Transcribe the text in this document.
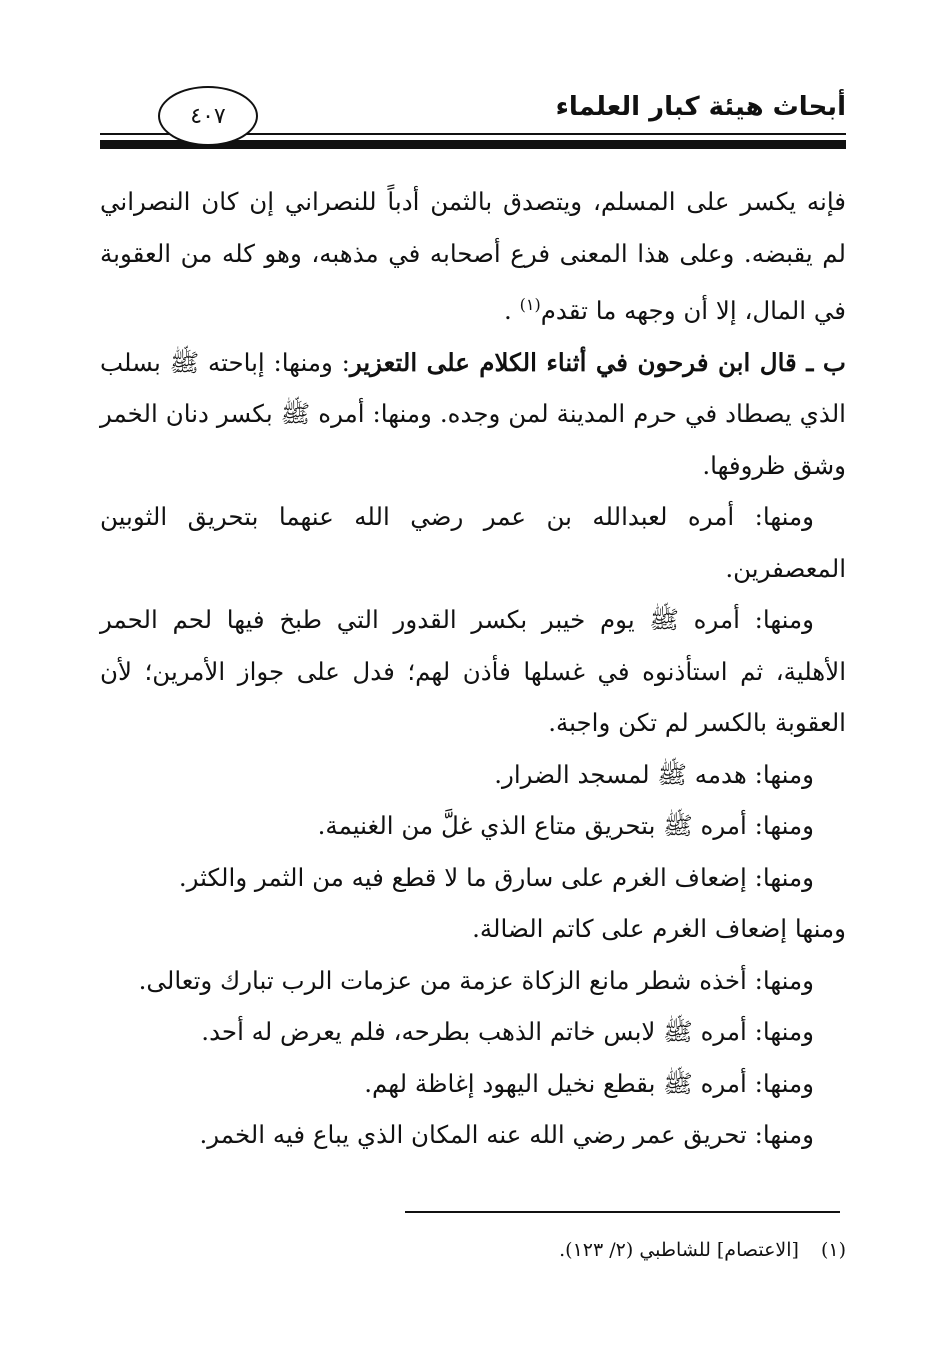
أبحاث هيئة كبار العلماء
٤٠٧

فإنه يكسر على المسلم، ويتصدق بالثمن أدباً للنصراني إن كان النصراني لم يقبضه. وعلى هذا المعنى فرع أصحابه في مذهبه، وهو كله من العقوبة في المال، إلا أن وجهه ما تقدم$^{(١)}$ .

ب ـ قال ابن فرحون في أثناء الكلام على التعزير: ومنها: إباحته ﷺ بسلب الذي يصطاد في حرم المدينة لمن وجده. ومنها: أمره ﷺ بكسر دنان الخمر وشق ظروفها.

ومنها: أمره لعبدالله بن عمر رضي الله عنهما بتحريق الثوبين المعصفرين.

ومنها: أمره ﷺ يوم خيبر بكسر القدور التي طبخ فيها لحم الحمر الأهلية، ثم استأذنوه في غسلها فأذن لهم؛ فدل على جواز الأمرين؛ لأن العقوبة بالكسر لم تكن واجبة.

ومنها: هدمه ﷺ لمسجد الضرار.

ومنها: أمره ﷺ بتحريق متاع الذي غلَّ من الغنيمة.

ومنها: إضعاف الغرم على سارق ما لا قطع فيه من الثمر والكثر.

ومنها إضعاف الغرم على كاتم الضالة.

ومنها: أخذه شطر مانع الزكاة عزمة من عزمات الرب تبارك وتعالى.

ومنها: أمره ﷺ لابس خاتم الذهب بطرحه، فلم يعرض له أحد.

ومنها: أمره ﷺ بقطع نخيل اليهود إغاظة لهم.

ومنها: تحريق عمر رضي الله عنه المكان الذي يباع فيه الخمر.

(١)[الاعتصام] للشاطبي (٢/ ١٢٣).
